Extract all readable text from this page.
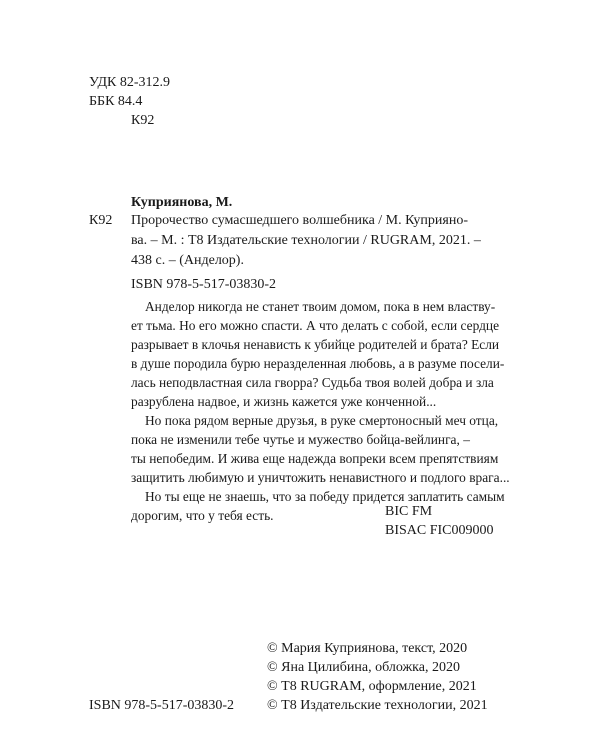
УДК 82-312.9
ББК 84.4
К92
Куприянова, М.
К92 Пророчество сумасшедшего волшебника / М. Куприяно-
ва. – М. : Т8 Издательские технологии / RUGRAM, 2021. –
438 с. – (Анделор).
ISBN 978-5-517-03830-2
Анделор никогда не станет твоим домом, пока в нем властву-
ет тьма. Но его можно спасти. А что делать с собой, если сердце
разрывает в клочья ненависть к убийце родителей и брата? Если
в душе породила бурю неразделенная любовь, а в разуме посели-
лась неподвластная сила гворра? Судьба твоя волей добра и зла
разрублена надвое, и жизнь кажется уже конченной...
Но пока рядом верные друзья, в руке смертоносный меч отца,
пока не изменили тебе чутье и мужество бойца-вейлинга, –
ты непобедим. И жива еще надежда вопреки всем препятствиям
защитить любимую и уничтожить ненавистного и подлого врага...
Но ты еще не знаешь, что за победу придется заплатить самым
дорогим, что у тебя есть.	BIC FM
BISAC FIC009000
© Мария Куприянова, текст, 2020
© Яна Цилибина, обложка, 2020
© Т8 RUGRAM, оформление, 2021
© Т8 Издательские технологии, 2021
ISBN 978-5-517-03830-2
